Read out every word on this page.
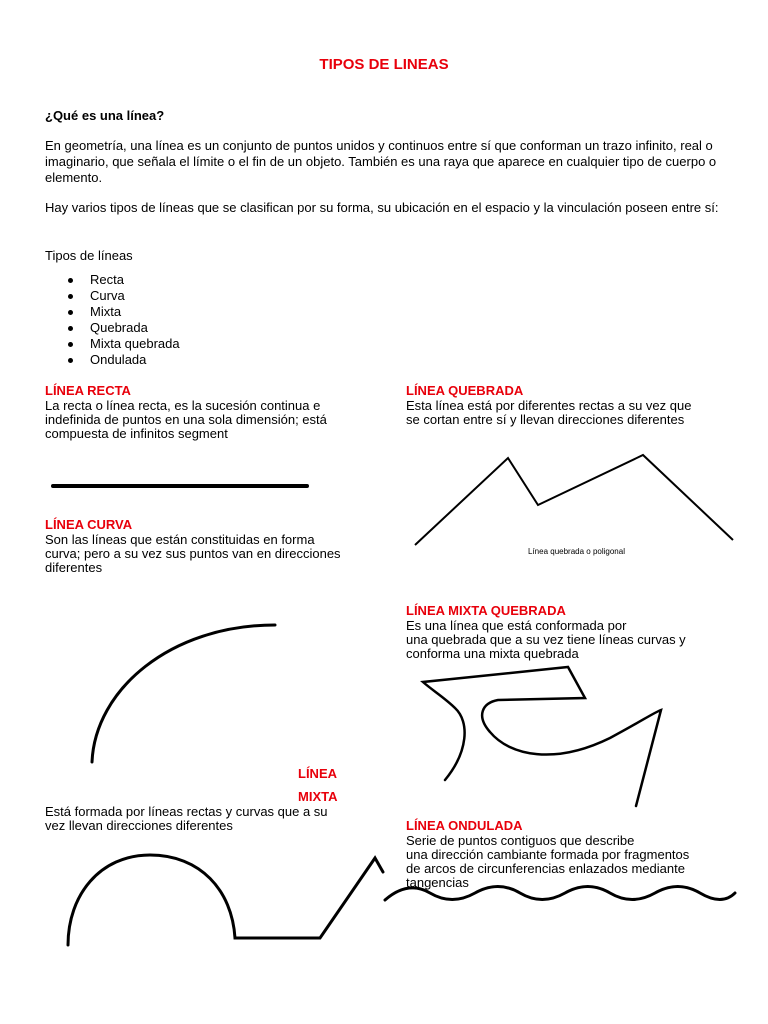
TIPOS DE LINEAS

¿Qué es una línea?

En geometría, una línea es un conjunto de puntos unidos y continuos entre sí que conforman un trazo infinito, real o imaginario, que señala el límite o el fin de un objeto. También es una raya que aparece en cualquier tipo de cuerpo o elemento.

Hay varios tipos de líneas que se clasifican por su forma, su ubicación en el espacio y la vinculación poseen entre sí:

Tipos de líneas

Recta
Curva
Mixta
Quebrada
Mixta quebrada
Ondulada
LÍNEA RECTA
La recta o línea recta, es la sucesión continua e
indefinida de puntos en una sola dimensión; está
compuesta de infinitos segment
LÍNEA QUEBRADA
Esta línea está por diferentes rectas a su vez que
se cortan entre sí y llevan direcciones diferentes
Línea quebrada o poligonal
LÍNEA CURVA
Son las líneas que están constituidas en forma
curva; pero a su vez sus puntos van en direcciones
diferentes
LÍNEA MIXTA QUEBRADA
Es una línea que está conformada por
una quebrada que a su vez tiene líneas curvas y
conforma una mixta quebrada
LÍNEA
MIXTA
Está formada por líneas rectas y curvas que a su
vez llevan direcciones diferentes	LÍNEA ONDULADA
Serie de puntos contiguos que describe
una dirección cambiante formada por fragmentos
de arcos de circunferencias enlazados mediante
tangencias
